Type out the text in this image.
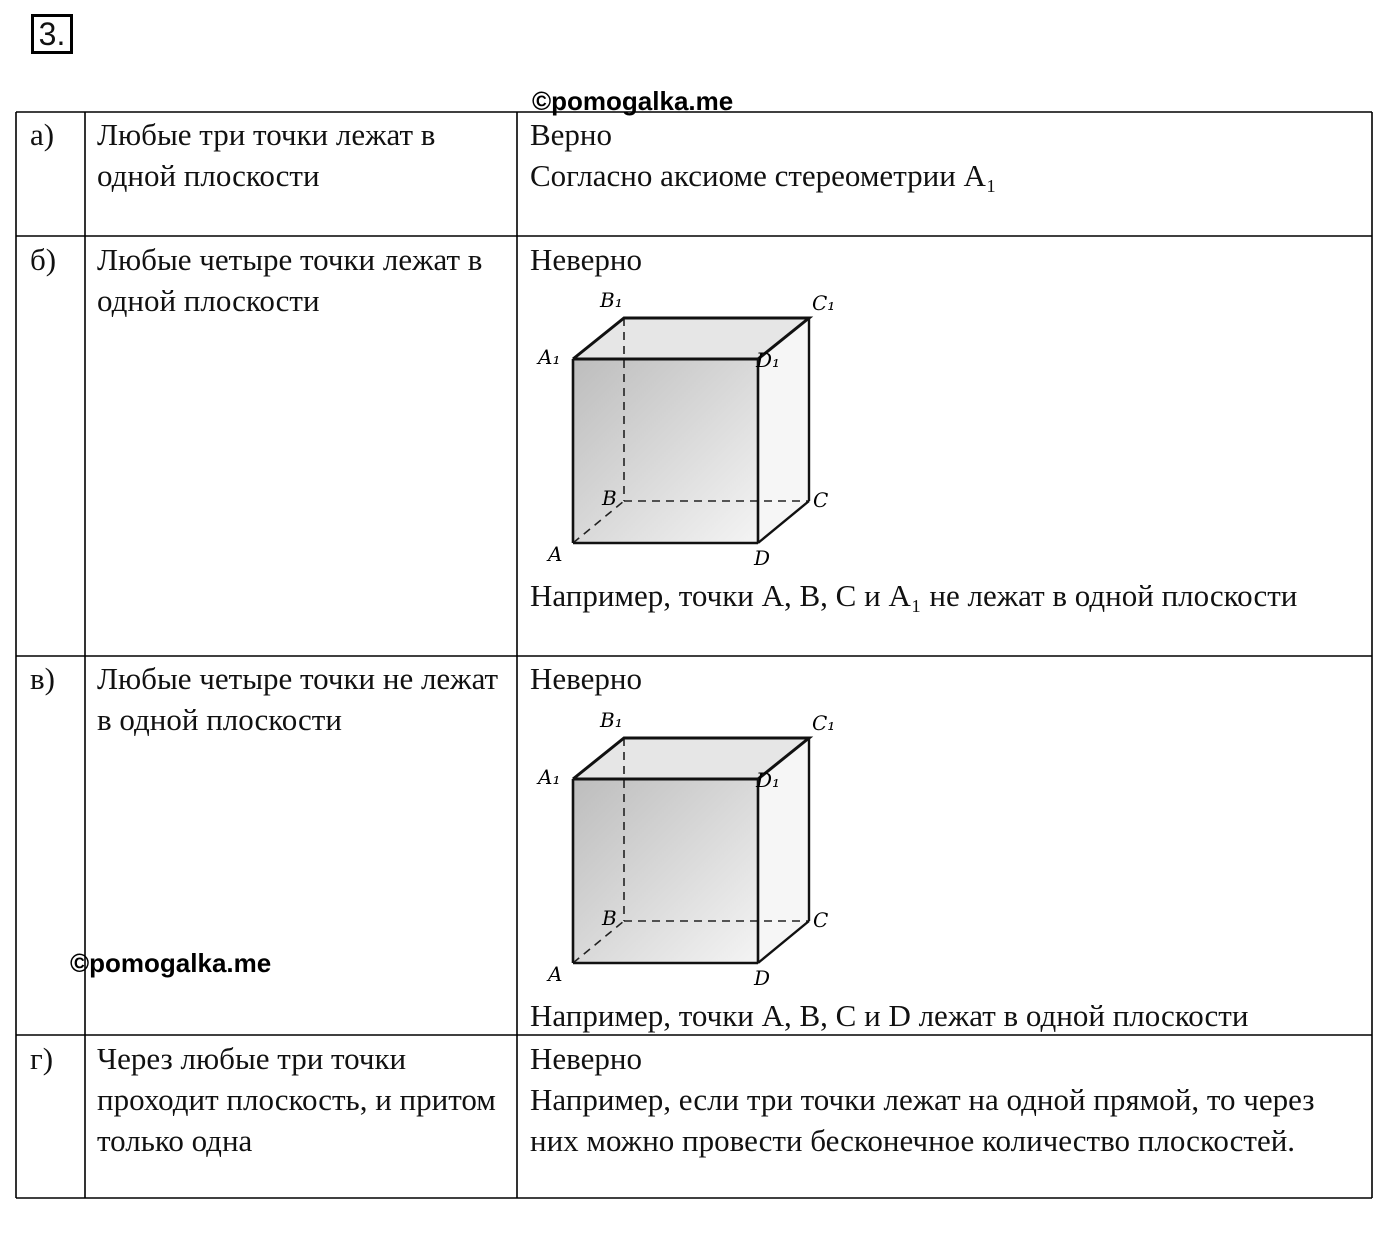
3.
©pomogalka.me
а) Любые три точки лежат в одной плоскости
Верно
Согласно аксиоме стереометрии A₁
б) Любые четыре точки лежат в одной плоскости
Неверно
B₁	C₁
A₁	D₁
B	C
A	D
Например, точки A, B, C и A₁ не лежат в одной плоскости
в) Любые четыре точки не лежат в одной плоскости
Неверно
B₁	C₁
A₁	D₁
B	C
A	D
©pomogalka.me
Например, точки A, B, C и D лежат в одной плоскости
г) Через любые три точки проходит плоскость, и притом только одна
Неверно
Например, если три точки лежат на одной прямой, то через них можно провести бесконечное количество плоскостей.
